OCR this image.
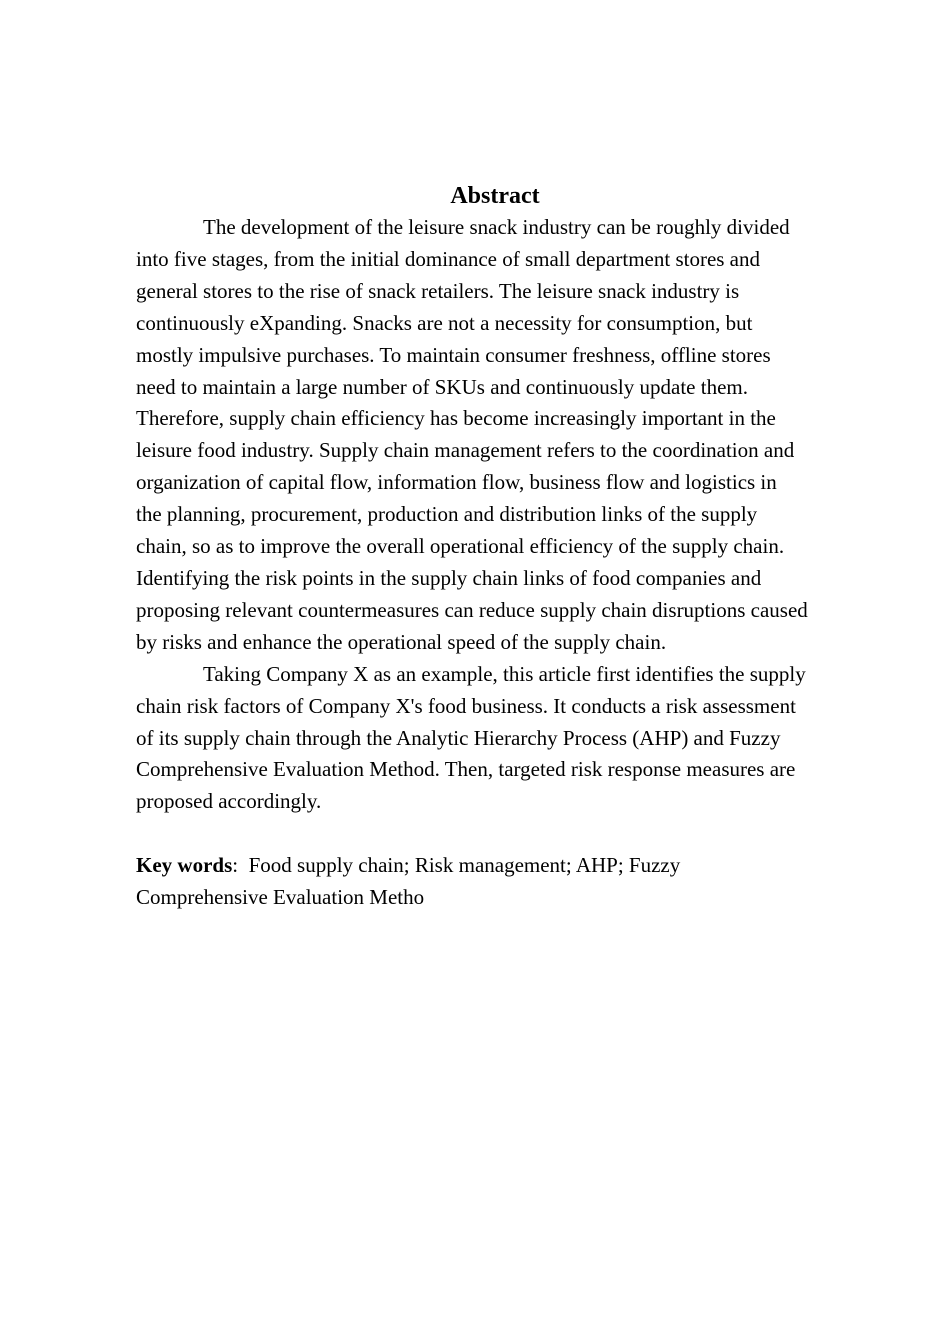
Abstract

The development of the leisure snack industry can be roughly divided
into five stages, from the initial dominance of small department stores and
general stores to the rise of snack retailers. The leisure snack industry is
continuously eXpanding. Snacks are not a necessity for consumption, but
mostly impulsive purchases. To maintain consumer freshness, offline stores
need to maintain a large number of SKUs and continuously update them.
Therefore, supply chain efficiency has become increasingly important in the
leisure food industry. Supply chain management refers to the coordination and
organization of capital flow, information flow, business flow and logistics in
the planning, procurement, production and distribution links of the supply
chain, so as to improve the overall operational efficiency of the supply chain.
Identifying the risk points in the supply chain links of food companies and
proposing relevant countermeasures can reduce supply chain disruptions caused
by risks and enhance the operational speed of the supply chain.

Taking Company X as an example, this article first identifies the supply
chain risk factors of Company X's food business. It conducts a risk assessment
of its supply chain through the Analytic Hierarchy Process (AHP) and Fuzzy
Comprehensive Evaluation Method. Then, targeted risk response measures are
proposed accordingly.

Key words: Food supply chain; Risk management; AHP; Fuzzy
Comprehensive Evaluation Metho
